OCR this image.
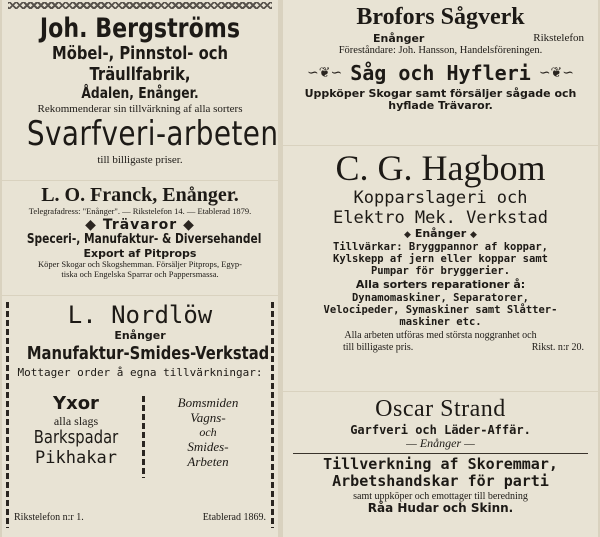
Joh. Bergströms
Möbel-, Pinnstol- och
Träullfabrik,
Ådalen, Enånger.
Rekommenderar sin tillvärkning af alla sorters
Svarfveri-arbeten
till billigaste priser.
L. O. Franck, Enånger.
Telegrafadress: "Enånger". — Rikstelefon 14. — Etablerad 1879.
◆ Trävaror ◆
Speceri-, Manufaktur- & Diversehandel
Export af Pitprops
Köper Skogar och Skogshemman. Försäljer Pitprops, Egyp-
tiska och Engelska Sparrar och Pappersmassa.
L. Nordlöw
Enånger
Manufaktur-Smides-Verkstad
Mottager order å egna tillvärkningar:
Yxor
alla slags
Barkspadar
Pikhakar
Bomsmiden
Vagns-
och
Smides-
Arbeten
Rikstelefon n:r 1.	Etablerad 1869.
Brofors Sågverk
Enånger	Rikstelefon
Föreståndare: Joh. Hansson, Handelsföreningen.
∽❦∽ Såg och Hyfleri ∽❦∽
Uppköper Skogar samt försäljer sågade och
hyflade Trävaror.
C. G. Hagbom
Kopparslageri och
Elektro Mek. Verkstad
◆ Enånger ◆
Tillvärkar: Bryggpannor af koppar,
Kylskepp af jern eller koppar samt
Pumpar för bryggerier.
Alla sorters reparationer å:
Dynamomaskiner, Separatorer,
Velocipeder, Symaskiner samt Slåtter-
maskiner etc.
Alla arbeten utföras med största noggranhet och
till billigaste pris.	Rikst. n:r 20.
Oscar Strand
Garfveri och Läder-Affär.
— Enånger —
Tillverkning af Skoremmar,
Arbetshandskar för parti
samt uppköper och emottager till beredning
Råa Hudar och Skinn.
